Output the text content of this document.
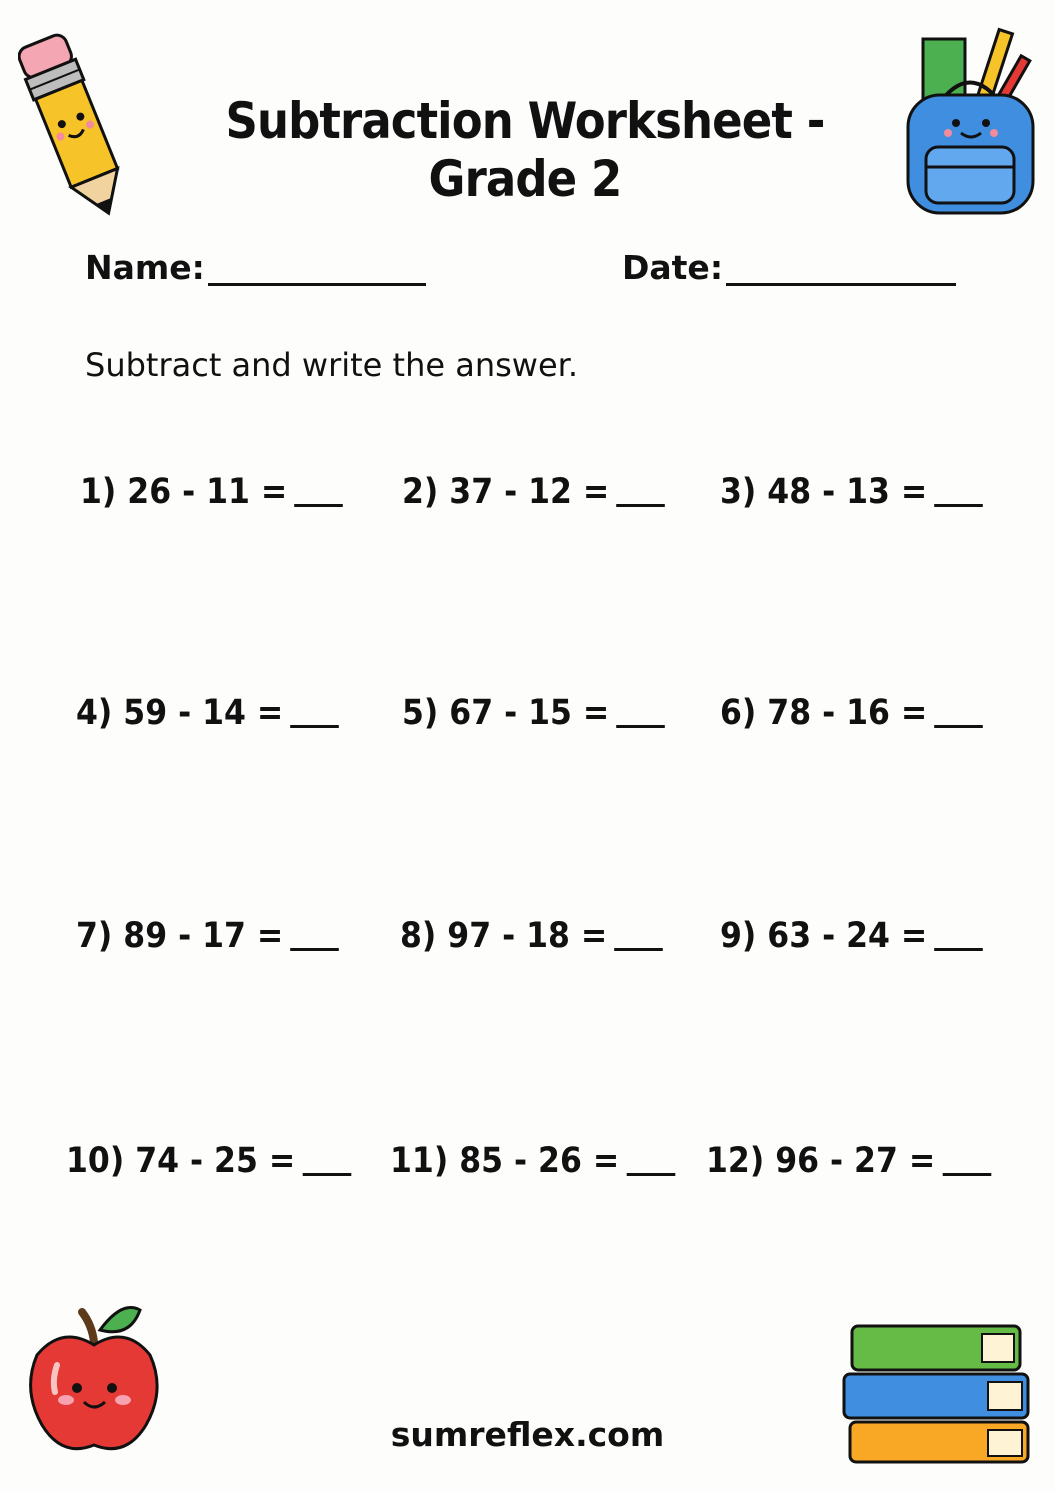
Subtraction Worksheet - Grade 2
Name:	Date:
Subtract and write the answer.
1) 26 - 11 =	2) 37 - 12 =	3) 48 - 13 =
4) 59 - 14 =	5) 67 - 15 =	6) 78 - 16 =
7) 89 - 17 =	8) 97 - 18 =	9) 63 - 24 =
10) 74 - 25 =	11) 85 - 26 =	12) 96 - 27 =
sumreflex.com
